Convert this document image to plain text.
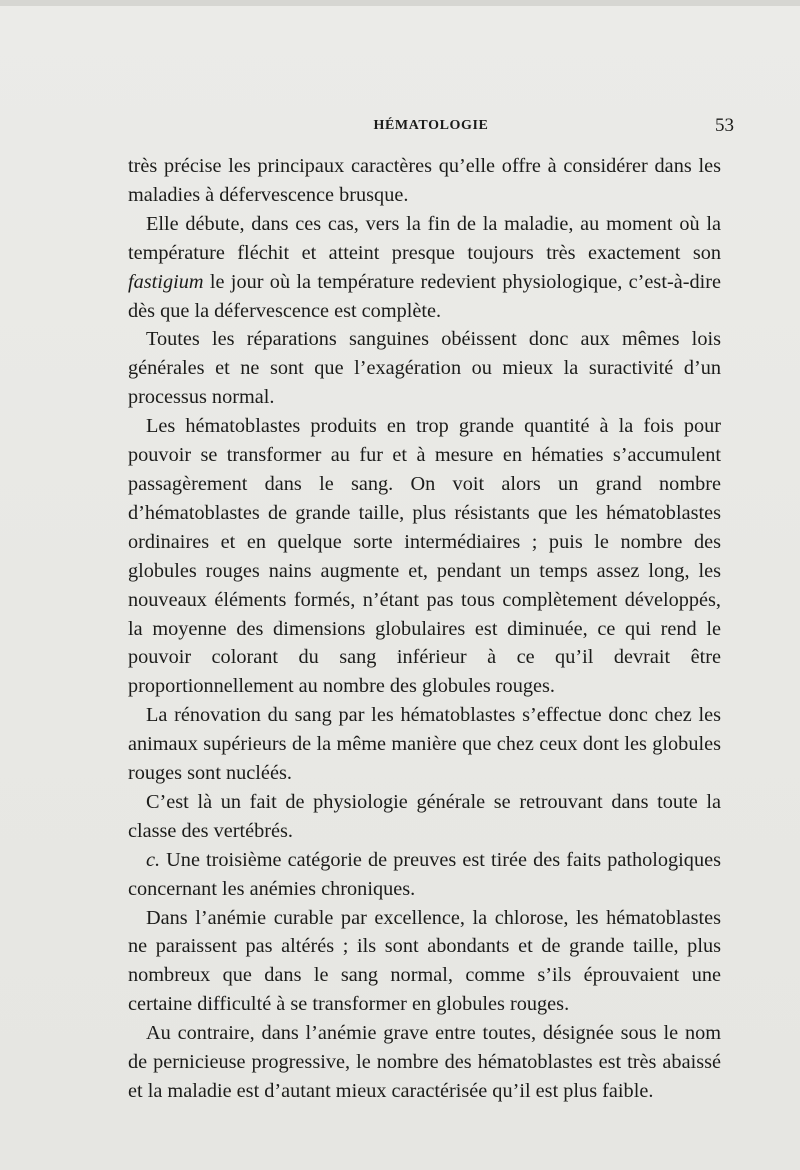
HÉMATOLOGIE	53

très précise les principaux caractères qu’elle offre à considérer dans les maladies à défervescence brusque.

Elle débute, dans ces cas, vers la fin de la maladie, au moment où la température fléchit et atteint presque toujours très exactement son fastigium le jour où la température redevient physiologique, c’est-à-dire dès que la défervescence est complète.

Toutes les réparations sanguines obéissent donc aux mêmes lois générales et ne sont que l’exagération ou mieux la suractivité d’un processus normal.

Les hématoblastes produits en trop grande quantité à la fois pour pouvoir se transformer au fur et à mesure en hématies s’accumulent passagèrement dans le sang. On voit alors un grand nombre d’hématoblastes de grande taille, plus résistants que les hématoblastes ordinaires et en quelque sorte intermédiaires ; puis le nombre des globules rouges nains augmente et, pendant un temps assez long, les nouveaux éléments formés, n’étant pas tous complètement développés, la moyenne des dimensions globulaires est diminuée, ce qui rend le pouvoir colorant du sang inférieur à ce qu’il devrait être proportionnellement au nombre des globules rouges.

La rénovation du sang par les hématoblastes s’effectue donc chez les animaux supérieurs de la même manière que chez ceux dont les globules rouges sont nucléés.

C’est là un fait de physiologie générale se retrouvant dans toute la classe des vertébrés.

c. Une troisième catégorie de preuves est tirée des faits pathologiques concernant les anémies chroniques.

Dans l’anémie curable par excellence, la chlorose, les hématoblastes ne paraissent pas altérés ; ils sont abondants et de grande taille, plus nombreux que dans le sang normal, comme s’ils éprouvaient une certaine difficulté à se transformer en globules rouges.

Au contraire, dans l’anémie grave entre toutes, désignée sous le nom de pernicieuse progressive, le nombre des hématoblastes est très abaissé et la maladie est d’autant mieux caractérisée qu’il est plus faible.
